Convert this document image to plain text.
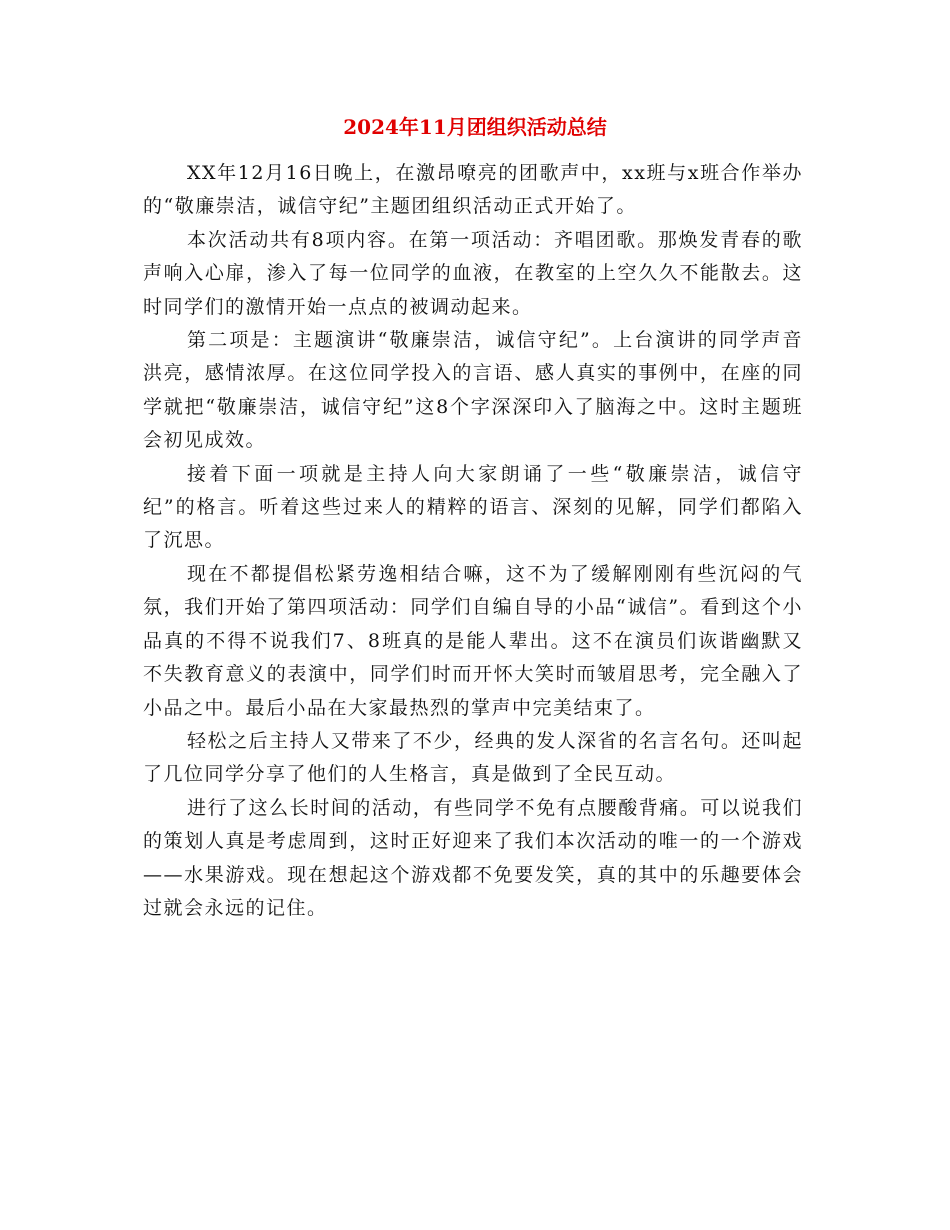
2024年11月团组织活动总结

XX年12月16日晚上，在激昂嘹亮的团歌声中，xx班与x班合作举办的“敬廉崇洁，诚信守纪”主题团组织活动正式开始了。

本次活动共有8项内容。在第一项活动：齐唱团歌。那焕发青春的歌声响入心扉，渗入了每一位同学的血液，在教室的上空久久不能散去。这时同学们的激情开始一点点的被调动起来。

第二项是：主题演讲“敬廉崇洁，诚信守纪”。上台演讲的同学声音洪亮，感情浓厚。在这位同学投入的言语、感人真实的事例中，在座的同学就把“敬廉崇洁，诚信守纪”这8个字深深印入了脑海之中。这时主题班会初见成效。

接着下面一项就是主持人向大家朗诵了一些“敬廉崇洁，诚信守纪”的格言。听着这些过来人的精粹的语言、深刻的见解，同学们都陷入了沉思。

现在不都提倡松紧劳逸相结合嘛，这不为了缓解刚刚有些沉闷的气氛，我们开始了第四项活动：同学们自编自导的小品“诚信”。看到这个小品真的不得不说我们7、8班真的是能人辈出。这不在演员们诙谐幽默又不失教育意义的表演中，同学们时而开怀大笑时而皱眉思考，完全融入了小品之中。最后小品在大家最热烈的掌声中完美结束了。

轻松之后主持人又带来了不少，经典的发人深省的名言名句。还叫起了几位同学分享了他们的人生格言，真是做到了全民互动。

进行了这么长时间的活动，有些同学不免有点腰酸背痛。可以说我们的策划人真是考虑周到，这时正好迎来了我们本次活动的唯一的一个游戏——水果游戏。现在想起这个游戏都不免要发笑，真的其中的乐趣要体会过就会永远的记住。
